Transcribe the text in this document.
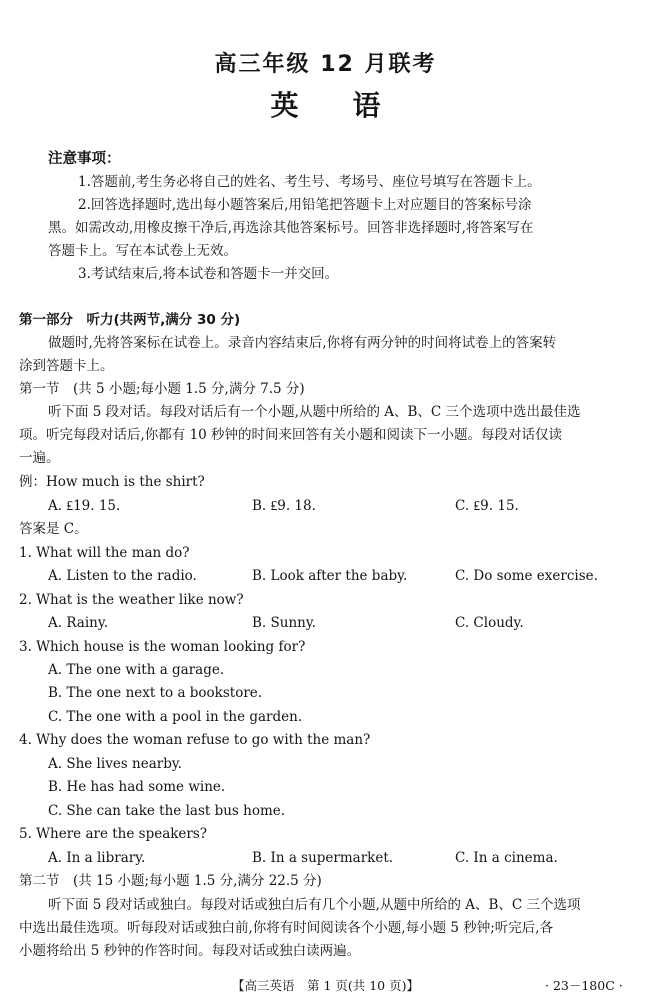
高三年级 12 月联考
英语
注意事项：
1.答题前,考生务必将自己的姓名、考生号、考场号、座位号填写在答题卡上。
2.回答选择题时,选出每小题答案后,用铅笔把答题卡上对应题目的答案标号涂
黑。如需改动,用橡皮擦干净后,再选涂其他答案标号。回答非选择题时,将答案写在
答题卡上。写在本试卷上无效。
3.考试结束后,将本试卷和答题卡一并交回。
第一部分　听力(共两节,满分 30 分)
做题时,先将答案标在试卷上。录音内容结束后,你将有两分钟的时间将试卷上的答案转
涂到答题卡上。
第一节　(共 5 小题;每小题 1.5 分,满分 7.5 分)
听下面 5 段对话。每段对话后有一个小题,从题中所给的 A、B、C 三个选项中选出最佳选
项。听完每段对话后,你都有 10 秒钟的时间来回答有关小题和阅读下一小题。每段对话仅读
一遍。
例：How much is the shirt?
A. ₤19. 15.	B. ₤9. 18.	C. ₤9. 15.
答案是 C。
1. What will the man do?
A. Listen to the radio.	B. Look after the baby.	C. Do some exercise.
2. What is the weather like now?
A. Rainy.	B. Sunny.	C. Cloudy.
3. Which house is the woman looking for?
A. The one with a garage.
B. The one next to a bookstore.
C. The one with a pool in the garden.
4. Why does the woman refuse to go with the man?
A. She lives nearby.
B. He has had some wine.
C. She can take the last bus home.
5. Where are the speakers?
A. In a library.	B. In a supermarket.	C. In a cinema.
第二节　(共 15 小题;每小题 1.5 分,满分 22.5 分)
听下面 5 段对话或独白。每段对话或独白后有几个小题,从题中所给的 A、B、C 三个选项
中选出最佳选项。听每段对话或独白前,你将有时间阅读各个小题,每小题 5 秒钟;听完后,各
小题将给出 5 秒钟的作答时间。每段对话或独白读两遍。
【高三英语　第 1 页(共 10 页)】	· 23－180C ·
